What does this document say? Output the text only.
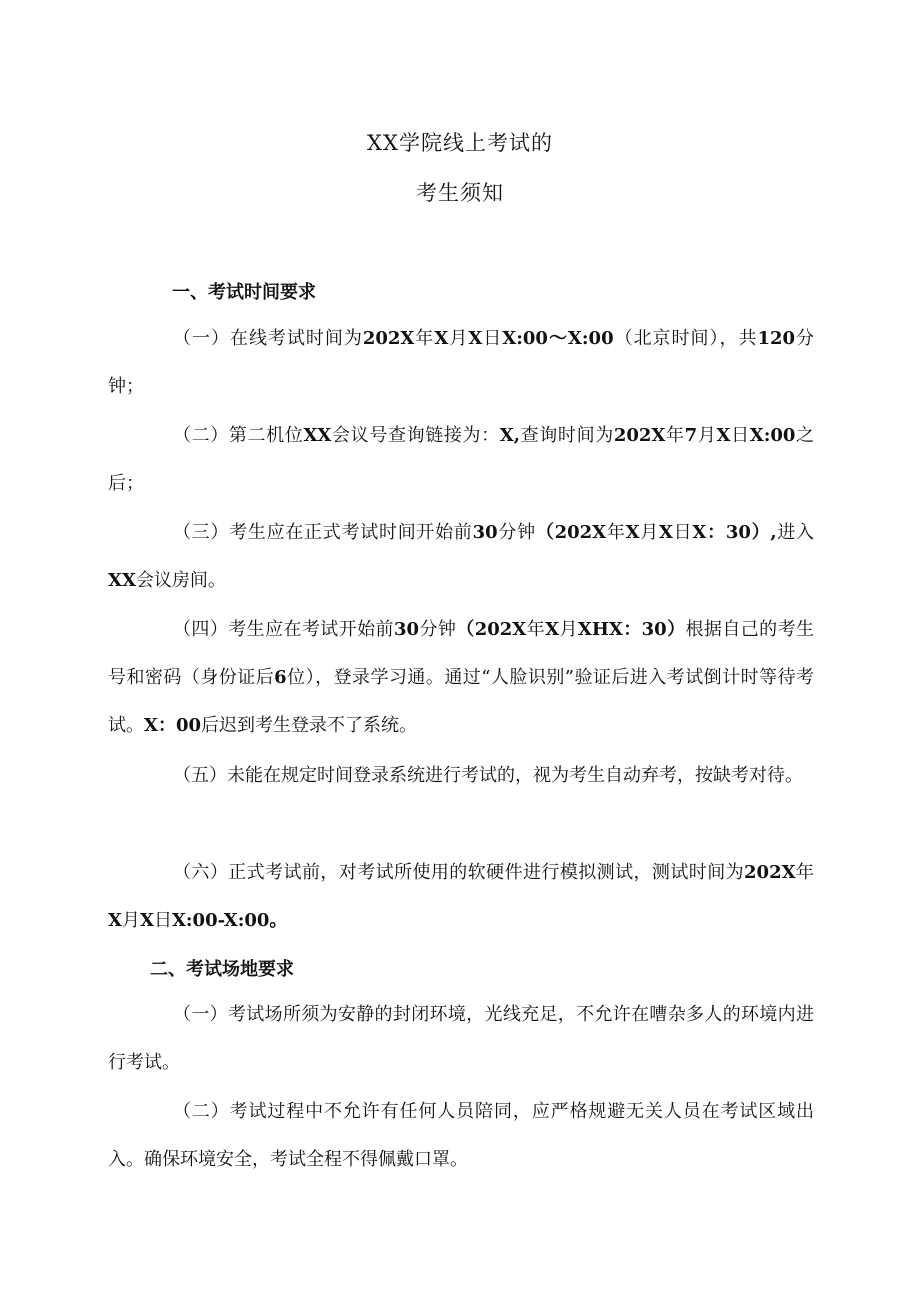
XX学院线上考试的
考生须知
一、考试时间要求

（一）在线考试时间为202X年X月X日X:00～X:00（北京时间），共120分钟；

（二）第二机位XX会议号查询链接为：X,查询时间为202X年7月X日X:00之后；

（三）考生应在正式考试时间开始前30分钟（202X年X月X日X：30）,进入XX会议房间。

（四）考生应在考试开始前30分钟（202X年X月XHX：30）根据自己的考生号和密码（身份证后6位），登录学习通。通过“人脸识别”验证后进入考试倒计时等待考试。X：00后迟到考生登录不了系统。

（五）未能在规定时间登录系统进行考试的，视为考生自动弃考，按缺考对待。

（六）正式考试前，对考试所使用的软硬件进行模拟测试，测试时间为202X年X月X日X:00-X:00。

二、考试场地要求

（一）考试场所须为安静的封闭环境，光线充足，不允许在嘈杂多人的环境内进行考试。

（二）考试过程中不允许有任何人员陪同，应严格规避无关人员在考试区域出入。确保环境安全，考试全程不得佩戴口罩。
